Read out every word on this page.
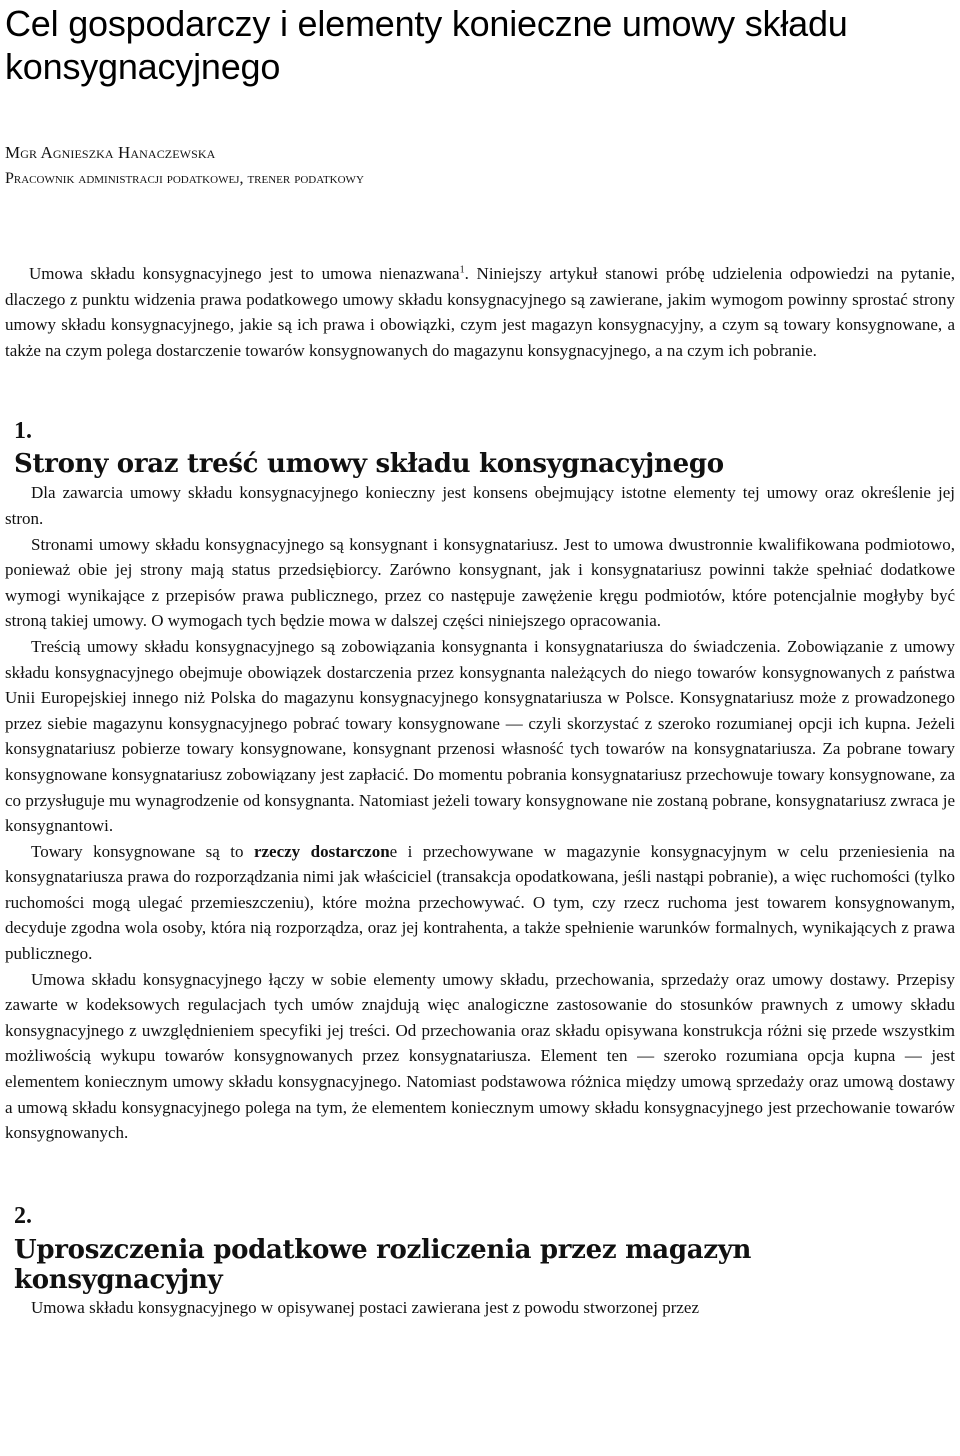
Cel gospodarczy i elementy konieczne umowy składu konsygnacyjnego
Mgr Agnieszka Hanaczewska
Pracownik administracji podatkowej, trener podatkowy

Umowa składu konsygnacyjnego jest to umowa nienazwana$^1$. Niniejszy artykuł stanowi próbę udzielenia odpowiedzi na pytanie, dlaczego z punktu widzenia prawa podatkowego umowy składu konsygnacyjnego są zawierane, jakim wymogom powinny sprostać strony umowy składu konsygnacyjnego, jakie są ich prawa i obowiązki, czym jest magazyn konsygnacyjny, a czym są towary konsygnowane, a także na czym polega dostarczenie towarów konsygnowanych do magazynu konsygnacyjnego, a na czym ich pobranie.

1.
Strony oraz treść umowy składu konsygnacyjnego

Dla zawarcia umowy składu konsygnacyjnego konieczny jest konsens obejmujący istotne elementy tej umowy oraz określenie jej stron.

Stronami umowy składu konsygnacyjnego są konsygnant i konsygnatariusz. Jest to umowa dwustronnie kwalifikowana podmiotowo, ponieważ obie jej strony mają status przedsiębiorcy. Zarówno konsygnant, jak i konsygnatariusz powinni także spełniać dodatkowe wymogi wynikające z przepisów prawa publicznego, przez co następuje zawężenie kręgu podmiotów, które potencjalnie mogłyby być stroną takiej umowy. O wymogach tych będzie mowa w dalszej części niniejszego opracowania.

Treścią umowy składu konsygnacyjnego są zobowiązania konsygnanta i konsygnatariusza do świadczenia. Zobowiązanie z umowy składu konsygnacyjnego obejmuje obowiązek dostarczenia przez konsygnanta należących do niego towarów konsygnowanych z państwa Unii Europejskiej innego niż Polska do magazynu konsygnacyjnego konsygnatariusza w Polsce. Konsygnatariusz może z prowadzonego przez siebie magazynu konsygnacyjnego pobrać towary konsygnowane — czyli skorzystać z szeroko rozumianej opcji ich kupna. Jeżeli konsygnatariusz pobierze towary konsygnowane, konsygnant przenosi własność tych towarów na konsygnatariusza. Za pobrane towary konsygnowane konsygnatariusz zobowiązany jest zapłacić. Do momentu pobrania konsygnatariusz przechowuje towary konsygnowane, za co przysługuje mu wynagrodzenie od konsygnanta. Natomiast jeżeli towary konsygnowane nie zostaną pobrane, konsygnatariusz zwraca je konsygnantowi.

Towary konsygnowane są to rzeczy dostarczone i przechowywane w magazynie konsygnacyjnym w celu przeniesienia na konsygnatariusza prawa do rozporządzania nimi jak właściciel (transakcja opodatkowana, jeśli nastąpi pobranie), a więc ruchomości (tylko ruchomości mogą ulegać przemieszczeniu), które można przechowywać. O tym, czy rzecz ruchoma jest towarem konsygnowanym, decyduje zgodna wola osoby, która nią rozporządza, oraz jej kontrahenta, a także spełnienie warunków formalnych, wynikających z prawa publicznego.

Umowa składu konsygnacyjnego łączy w sobie elementy umowy składu, przechowania, sprzedaży oraz umowy dostawy. Przepisy zawarte w kodeksowych regulacjach tych umów znajdują więc analogiczne zastosowanie do stosunków prawnych z umowy składu konsygnacyjnego z uwzględnieniem specyfiki jej treści. Od przechowania oraz składu opisywana konstrukcja różni się przede wszystkim możliwością wykupu towarów konsygnowanych przez konsygnatariusza. Element ten — szeroko rozumiana opcja kupna — jest elementem koniecznym umowy składu konsygnacyjnego. Natomiast podstawowa różnica między umową sprzedaży oraz umową dostawy a umową składu konsygnacyjnego polega na tym, że elementem koniecznym umowy składu konsygnacyjnego jest przechowanie towarów konsygnowanych.

2.
Uproszczenia podatkowe rozliczenia przez magazyn konsygnacyjny

Umowa składu konsygnacyjnego w opisywanej postaci zawierana jest z powodu stworzonej przez
